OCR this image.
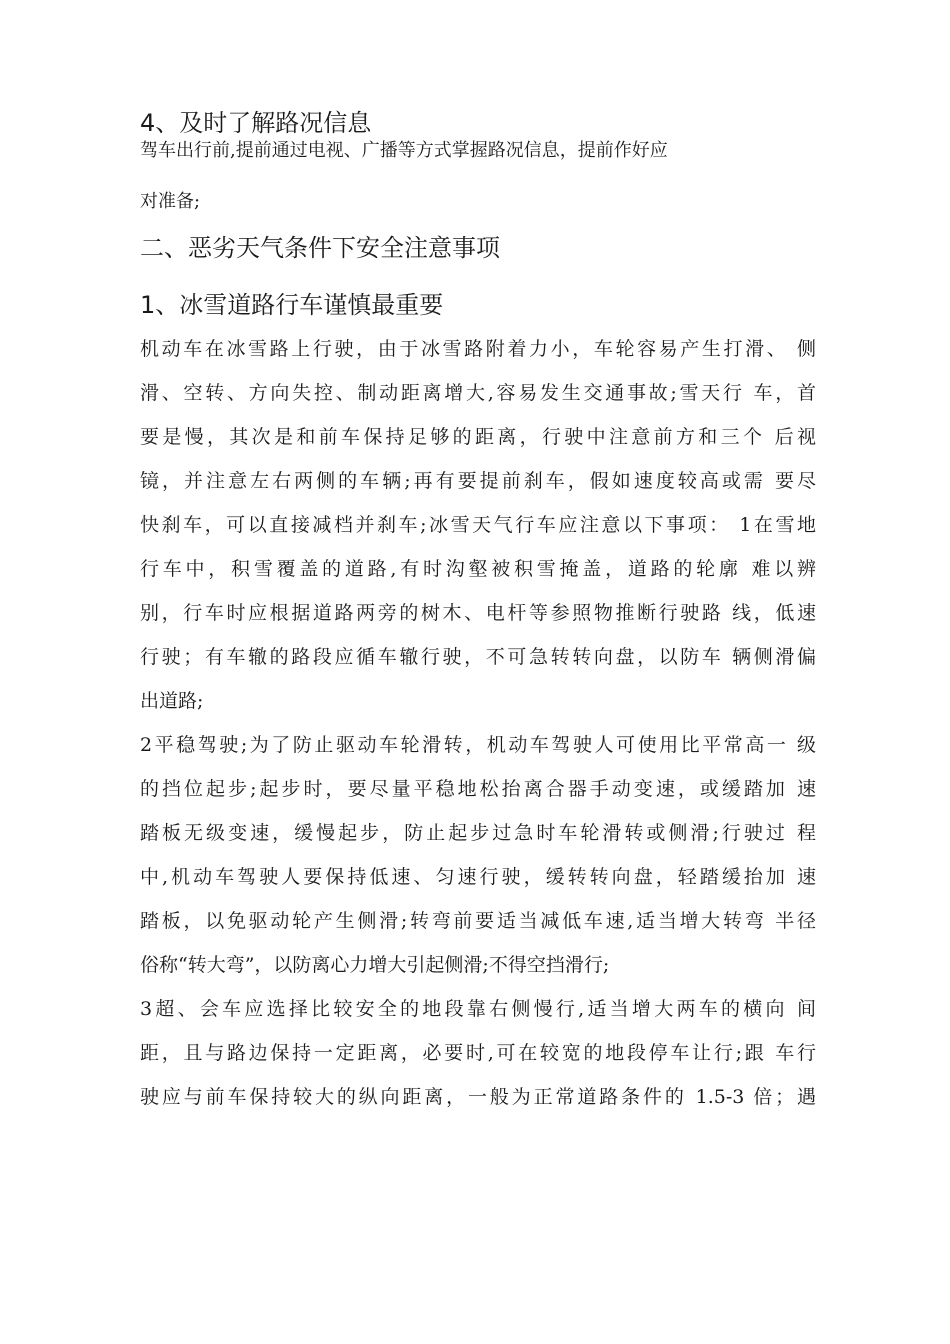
4、及时了解路况信息
驾车出行前,提前通过电视、广播等方式掌握路况信息，提前作好应
对准备;
二、恶劣天气条件下安全注意事项
1、冰雪道路行车谨慎最重要
机动车在冰雪路上行驶，由于冰雪路附着力小，车轮容易产生打滑、 侧
滑、空转、方向失控、制动距离增大,容易发生交通事故;雪天行 车，首
要是慢，其次是和前车保持足够的距离，行驶中注意前方和三个 后视
镜，并注意左右两侧的车辆;再有要提前刹车，假如速度较高或需 要尽
快刹车，可以直接减档并刹车;冰雪天气行车应注意以下事项： 1在雪地
行车中，积雪覆盖的道路,有时沟壑被积雪掩盖，道路的轮廓 难以辨
别，行车时应根据道路两旁的树木、电杆等参照物推断行驶路 线，低速
行驶；有车辙的路段应循车辙行驶，不可急转转向盘，以防车 辆侧滑偏
出道路;
2平稳驾驶;为了防止驱动车轮滑转，机动车驾驶人可使用比平常高一 级
的挡位起步;起步时，要尽量平稳地松抬离合器手动变速，或缓踏加 速
踏板无级变速，缓慢起步，防止起步过急时车轮滑转或侧滑;行驶过 程
中,机动车驾驶人要保持低速、匀速行驶，缓转转向盘，轻踏缓抬加 速
踏板，以免驱动轮产生侧滑;转弯前要适当减低车速,适当增大转弯 半径
俗称“转大弯”，以防离心力增大引起侧滑;不得空挡滑行;
3超、会车应选择比较安全的地段靠右侧慢行,适当增大两车的横向 间
距，且与路边保持一定距离，必要时,可在较宽的地段停车让行;跟 车行
驶应与前车保持较大的纵向距离，一般为正常道路条件的 1.5-3 倍；遇
